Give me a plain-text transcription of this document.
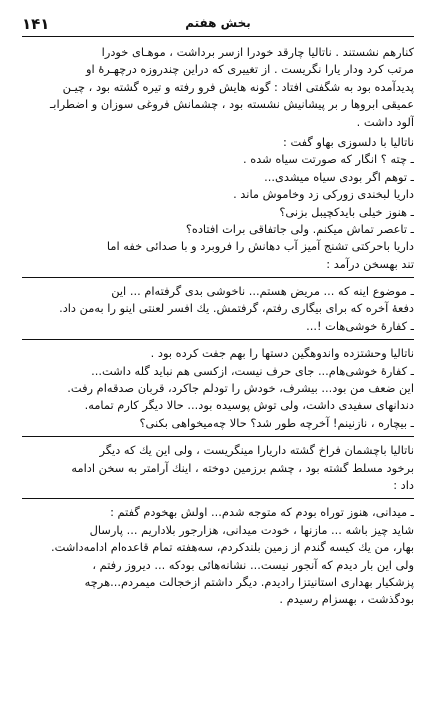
۱۴۱	بخش هفتم
کنارهم نشستند . ناتالیا چارقد خودرا ازسر برداشت ، موهـای خودرا
مرتب کرد ودار یارا نگریست . از تغییری که دراین چندروزه درچهـرهٔ او
پدیدآمده بود به شگفتی افتاد : گونه هایش فرو رفته و تیره گشته بود ، چیـن
عمیقی ابروها ر بر پیشانیش نشسته بود ، چشمانش فروغی سوزان و اضطرابـ
آلود داشت .
ناتالیا با دلسوزی بهاو گفت :
ـ چته ؟ انگار که صورتت سیاه شده .
ـ توهم اگر بودی سیاه میشدی...
داریا لبخندی زورکی زد وخاموش ماند .
ـ هنوز خیلی بایدکچیبل بزنی؟
ـ تاعصر تماش میکنم. ولی جاتفاقی برات افتاده؟
داریا باحرکتی تشنج آمیز آب دهانش را فروبرد و با صدائی خفه اما
تند بهسخن درآمد :
ـ موضوع اینه که ... مریض هستم... ناخوشی بدی گرفته‌ام ... این
دفعهٔ آخره که برای بیگاری رفتم، گرفتمش. یك افسر لعنتی اینو را به‌من داد.
ـ کفارهٔ خوشی‌هات !...
ناتالیا وحشتزده واندوهگین دستها را بهم جفت کرده بود .
ـ کفارهٔ خوشی‌هام... جای حرف نیست، ازکسی هم نباید گله داشت...
این ضعف من بود... بیشرف، خودش را تودلم جاکرد، قربان صدقه‌ام رفت.
دندانهای سفیدی داشت، ولی توش پوسیده بود... حالا دیگر کارم تمامه.
ـ بیچاره ، نازنینم! آخرچه طور شد؟ حالا چه‌میخواهی بکنی؟
ناتالیا باچشمان فراخ گشته داریارا مینگریست ، ولی این یك که دیگر
برخود مسلط گشته بود ، چشم برزمین دوخته ، اینك آرامتر به سخن ادامه
داد :
ـ میدانی، هنوز توراه بودم که متوجه شدم... اولش بهخودم گفتم :
شاید چیز باشه ... مازنها ، خودت میدانی، هزارجور بلاداریم ... پارسال
بهار، من یك کیسه گندم از زمین بلندکردم، سه‌هفته تمام قاعده‌ام ادامه‌داشت.
ولی این بار دیدم که آنجور نیست... نشانه‌هائی بودکه ... دیروز رفتم ،
پزشکیار بهداری استانیتزا رادیدم. دیگر داشتم ازخجالت میمردم...هرچه
بودگذشت ، بهسزام رسیدم .
